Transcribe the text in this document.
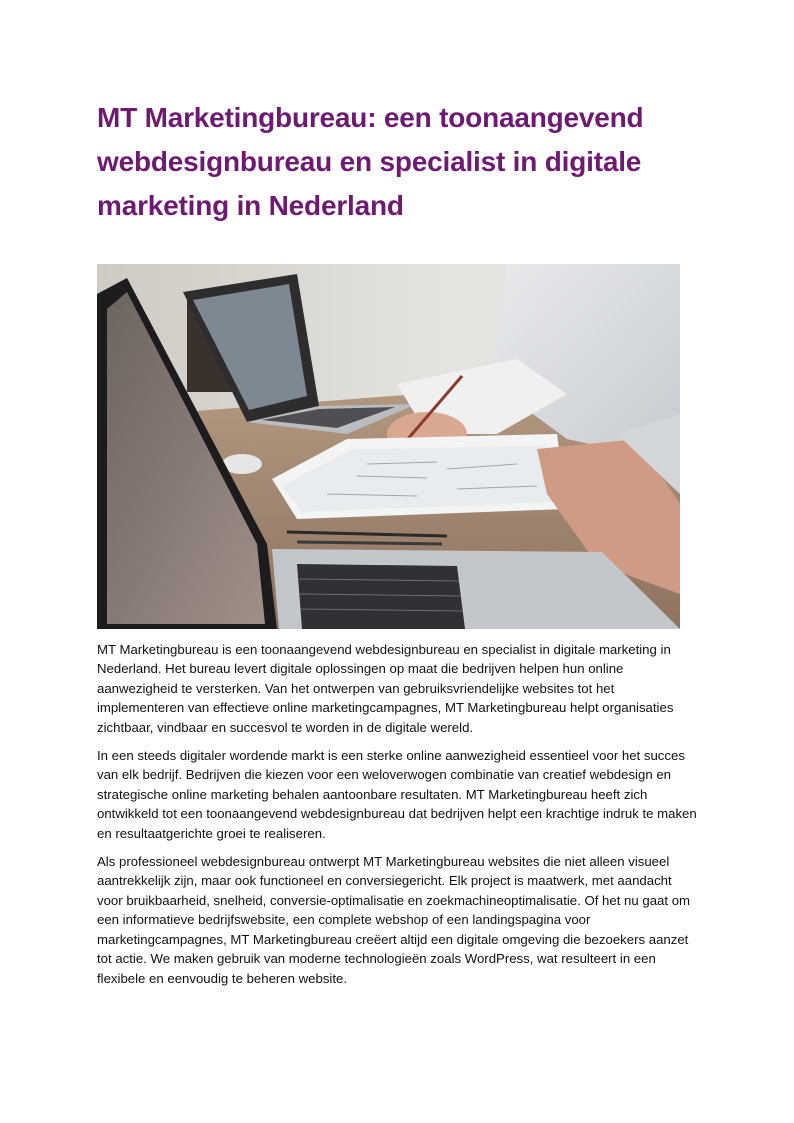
MT Marketingbureau: een toonaangevend webdesignbureau en specialist in digitale marketing in Nederland

MT Marketingbureau is een toonaangevend webdesignbureau en specialist in digitale marketing in Nederland. Het bureau levert digitale oplossingen op maat die bedrijven helpen hun online aanwezigheid te versterken. Van het ontwerpen van gebruiksvriendelijke websites tot het implementeren van effectieve online marketingcampagnes, MT Marketingbureau helpt organisaties zichtbaar, vindbaar en succesvol te worden in de digitale wereld.

In een steeds digitaler wordende markt is een sterke online aanwezigheid essentieel voor het succes van elk bedrijf. Bedrijven die kiezen voor een weloverwogen combinatie van creatief webdesign en strategische online marketing behalen aantoonbare resultaten. MT Marketingbureau heeft zich ontwikkeld tot een toonaangevend webdesignbureau dat bedrijven helpt een krachtige indruk te maken en resultaatgerichte groei te realiseren.

Als professioneel webdesignbureau ontwerpt MT Marketingbureau websites die niet alleen visueel aantrekkelijk zijn, maar ook functioneel en conversiegericht. Elk project is maatwerk, met aandacht voor bruikbaarheid, snelheid, conversie-optimalisatie en zoekmachineoptimalisatie. Of het nu gaat om een informatieve bedrijfswebsite, een complete webshop of een landingspagina voor marketingcampagnes, MT Marketingbureau creëert altijd een digitale omgeving die bezoekers aanzet tot actie. We maken gebruik van moderne technologieën zoals WordPress, wat resulteert in een flexibele en eenvoudig te beheren website.
